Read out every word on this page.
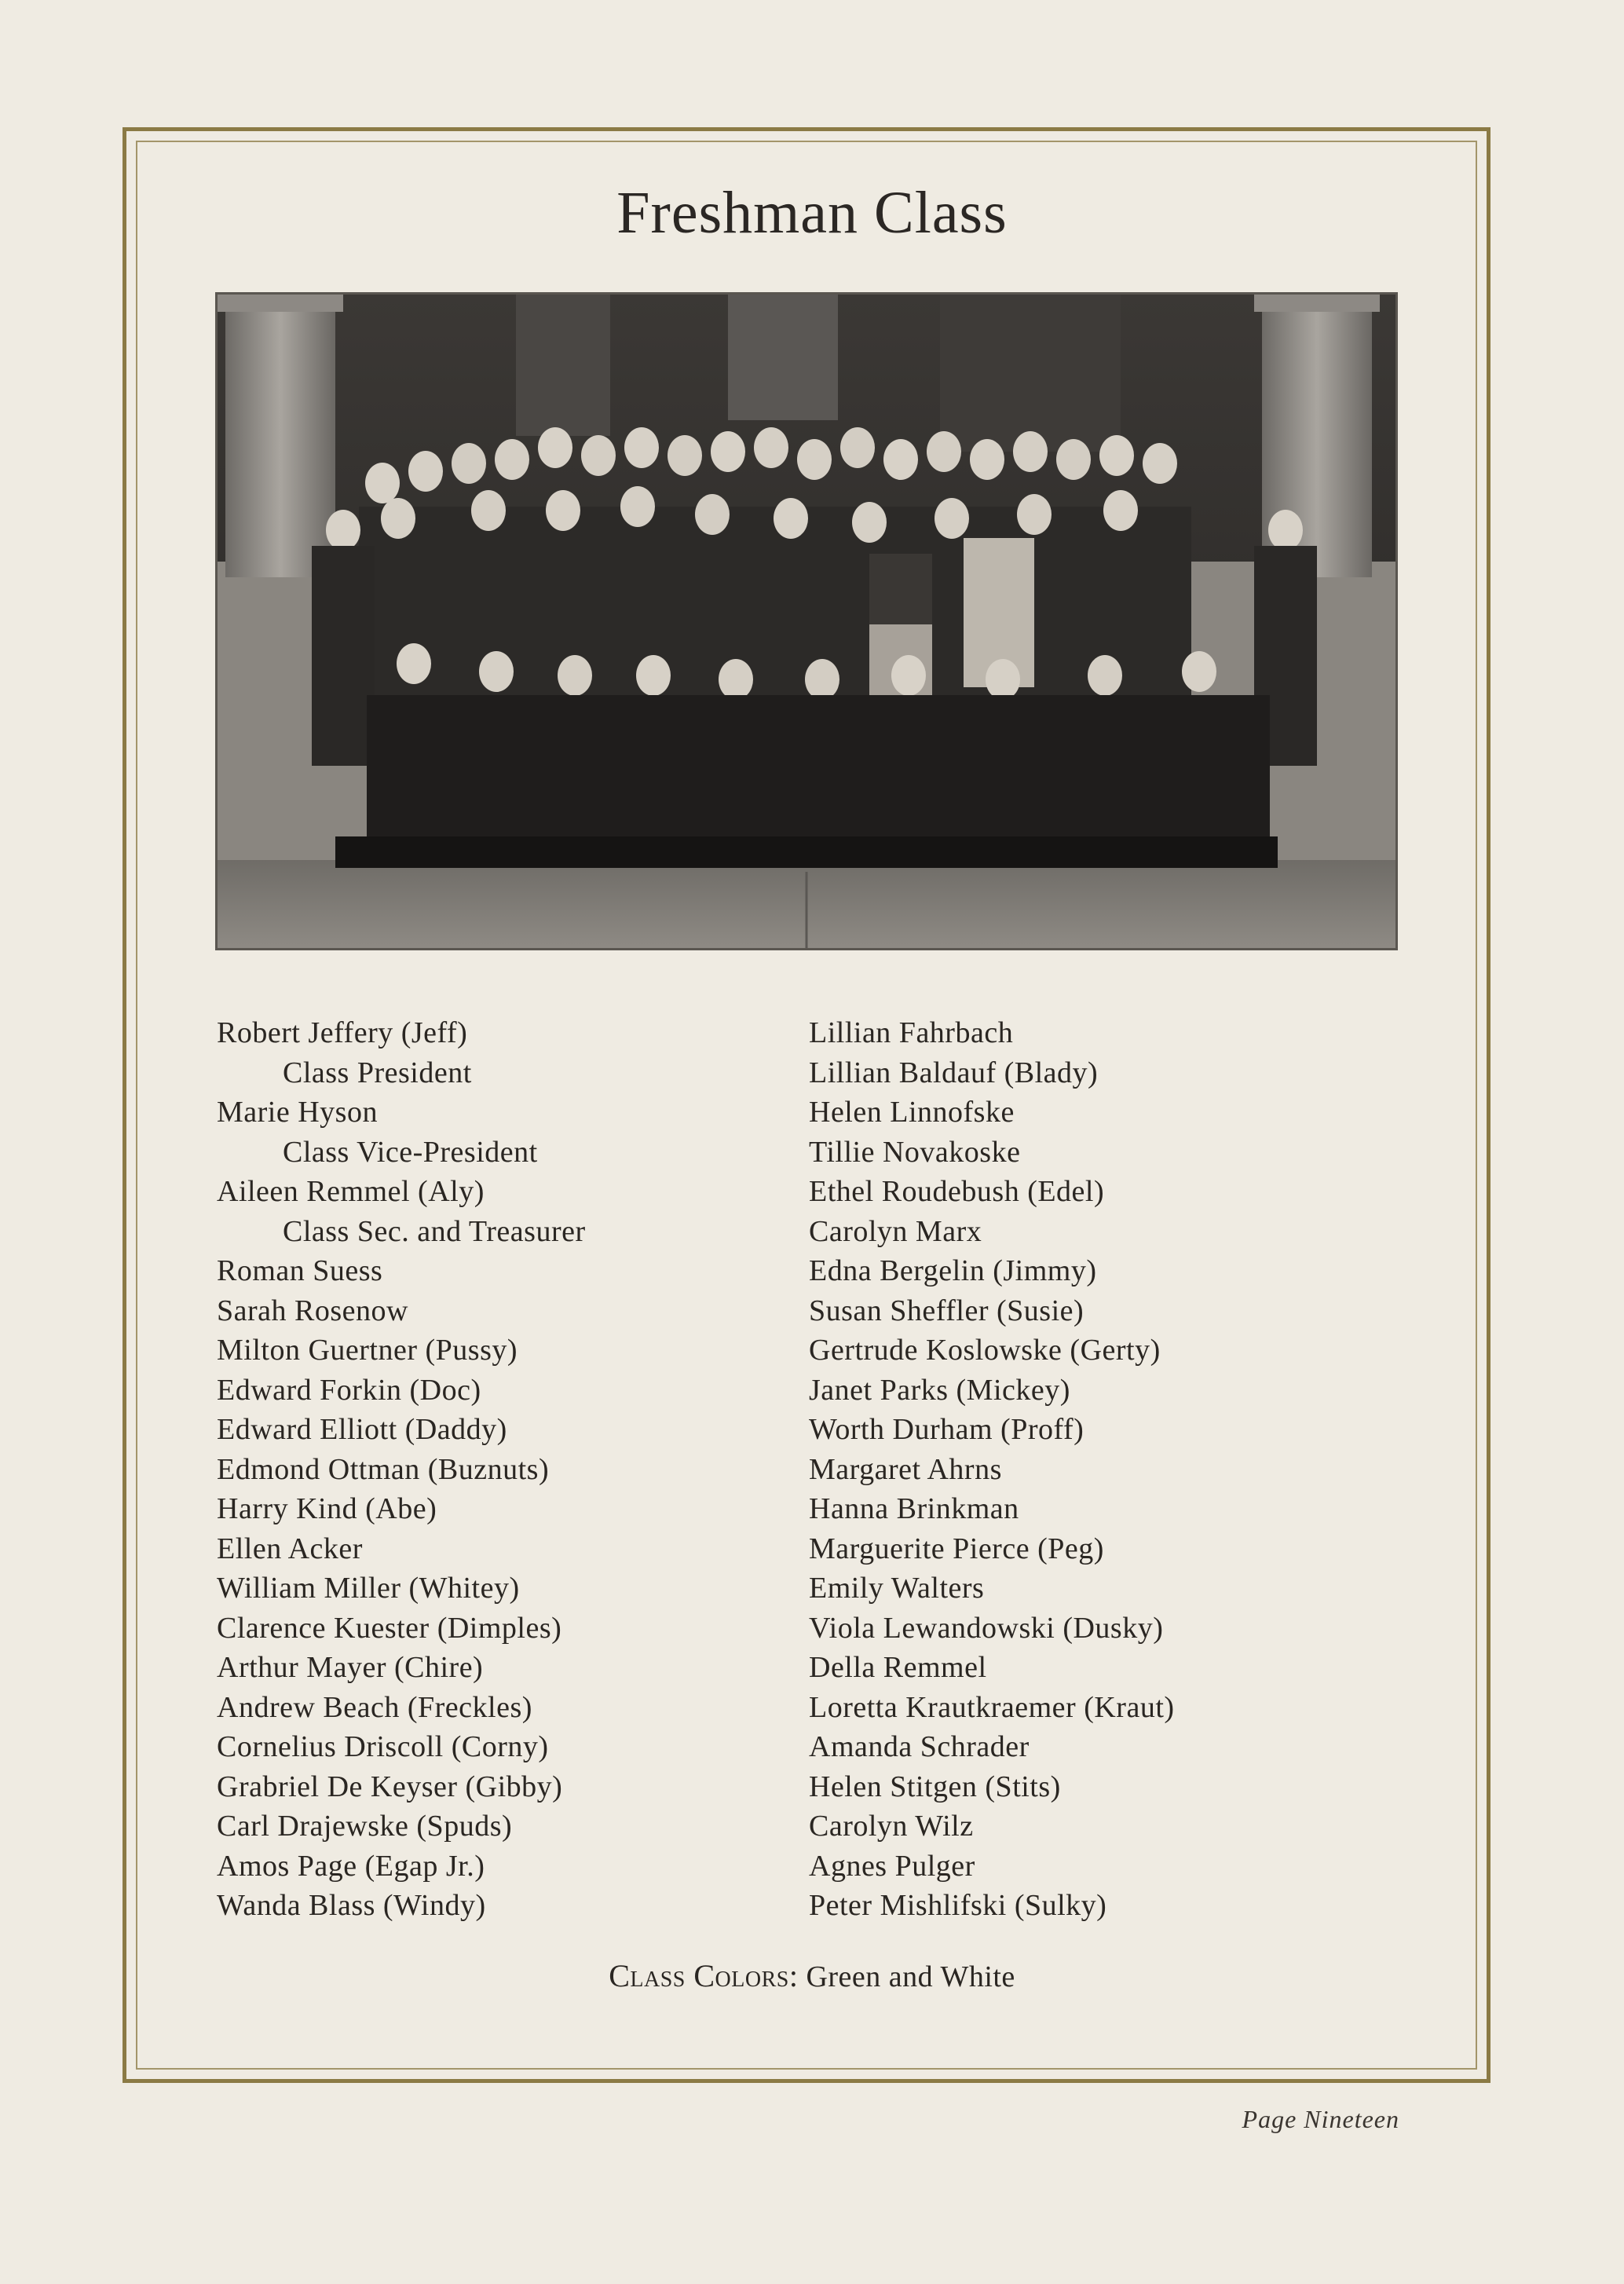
Freshman Class
Robert Jeffery (Jeff)
Class President
Marie Hyson
Class Vice-President
Aileen Remmel (Aly)
Class Sec. and Treasurer
Roman Suess
Sarah Rosenow
Milton Guertner (Pussy)
Edward Forkin (Doc)
Edward Elliott (Daddy)
Edmond Ottman (Buznuts)
Harry Kind (Abe)
Ellen Acker
William Miller (Whitey)
Clarence Kuester (Dimples)
Arthur Mayer (Chire)
Andrew Beach (Freckles)
Cornelius Driscoll (Corny)
Grabriel De Keyser (Gibby)
Carl Drajewske (Spuds)
Amos Page (Egap Jr.)
Wanda Blass (Windy)
Lillian Fahrbach
Lillian Baldauf (Blady)
Helen Linnofske
Tillie Novakoske
Ethel Roudebush (Edel)
Carolyn Marx
Edna Bergelin (Jimmy)
Susan Sheffler (Susie)
Gertrude Koslowske (Gerty)
Janet Parks (Mickey)
Worth Durham (Proff)
Margaret Ahrns
Hanna Brinkman
Marguerite Pierce (Peg)
Emily Walters
Viola Lewandowski (Dusky)
Della Remmel
Loretta Krautkraemer (Kraut)
Amanda Schrader
Helen Stitgen (Stits)
Carolyn Wilz
Agnes Pulger
Peter Mishlifski (Sulky)
Class Colors: Green and White
Page Nineteen
